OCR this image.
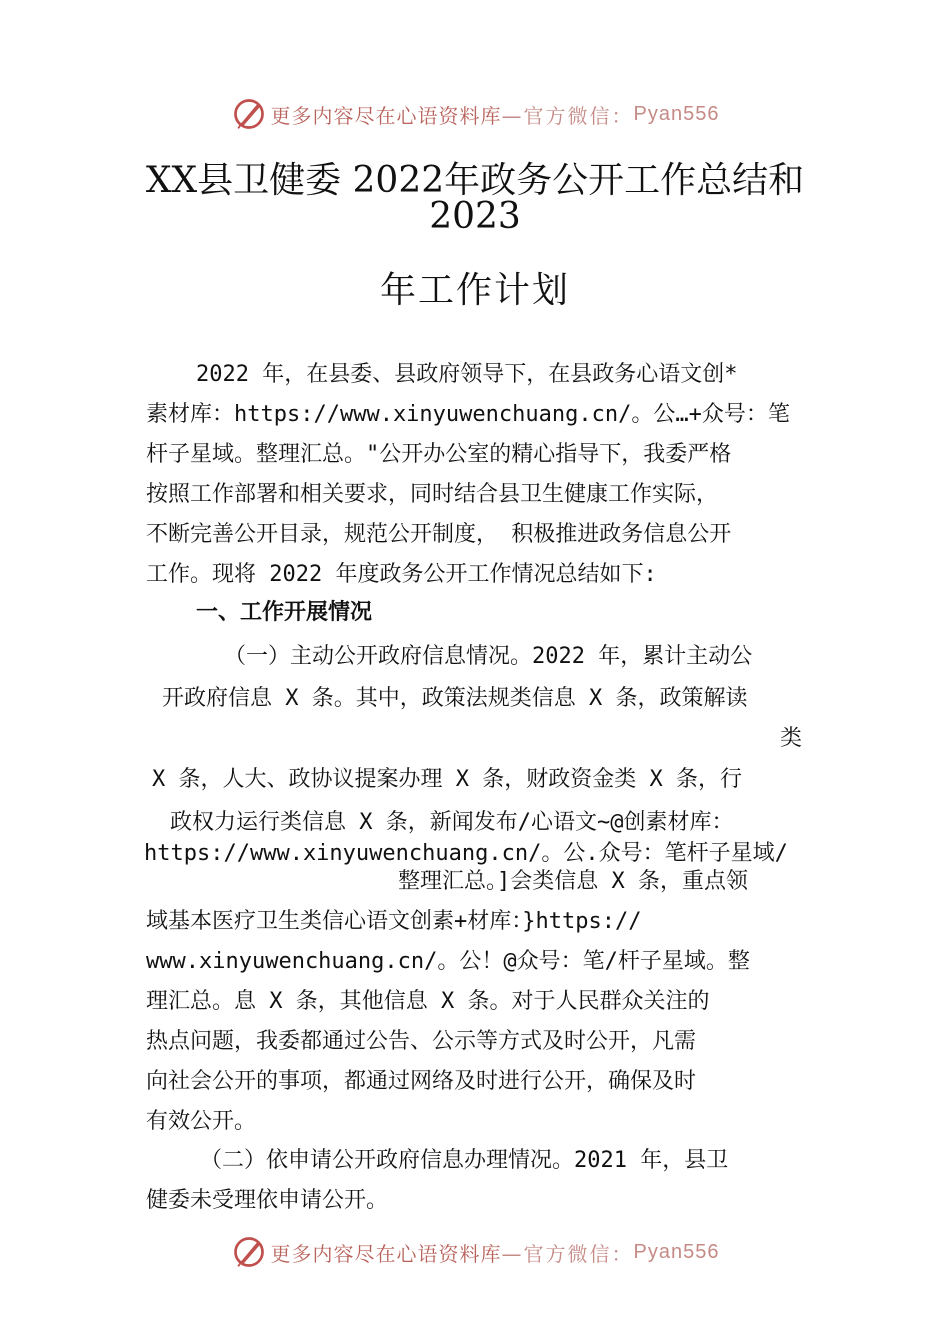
更多内容尽在心语资料库 —官方微信： Pyan556
XX县卫健委 2022年政务公开工作总结和
2023
年工作计划
2022 年，在县委、县政府领导下，在县政务心语文创*
素材库：https://www.xinyuwenchuang.cn/。公…+众号：笔
杆子星域。整理汇总。"公开办公室的精心指导下，我委严格
按照工作部署和相关要求，同时结合县卫生健康工作实际，
不断完善公开目录，规范公开制度， 积极推进政务信息公开
工作。现将 2022 年度政务公开工作情况总结如下:
一、工作开展情况
（一）主动公开政府信息情况。2022 年，累计主动公
开政府信息 X 条。其中，政策法规类信息 X 条，政策解读
类
X 条，人大、政协议提案办理 X 条，财政资金类 X 条，行
政权力运行类信息 X 条，新闻发布/心语文~@创素材库：
https://www.xinyuwenchuang.cn/。公.众号：笔杆子星域/
整理汇总。]会类信息 X 条，重点领
域基本医疗卫生类信心语文创素+材库：}https://
www.xinyuwenchuang.cn/。公！@众号：笔/杆子星域。整
理汇总。息 X 条，其他信息 X 条。对于人民群众关注的
热点问题，我委都通过公告、公示等方式及时公开，凡需
向社会公开的事项，都通过网络及时进行公开，确保及时
有效公开。
（二）依申请公开政府信息办理情况。2021 年，县卫
健委未受理依申请公开。
更多内容尽在心语资料库 —官方微信： Pyan556
